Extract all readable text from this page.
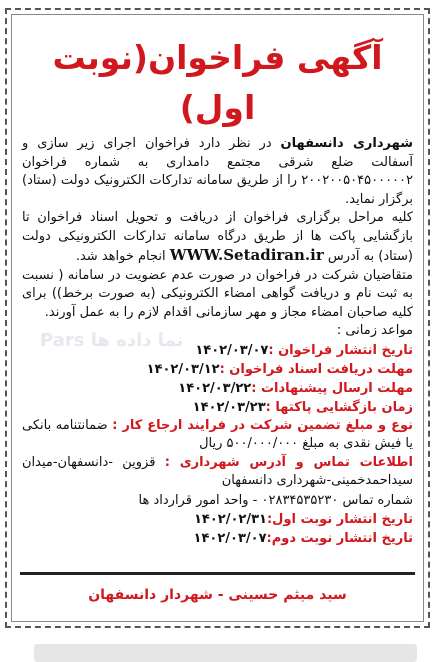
آگهی فراخوان(نوبت اول)

شهرداری دانسفهان در نظر دارد فراخوان اجرای زیر سازی و آسفالت ضلع شرقی مجتمع دامداری به شماره فراخوان ۲۰۰۲۰۰۵۰۴۵۰۰۰۰۰۲ را از طریق سامانه تدارکات الکترونیک دولت (ستاد) برگزار نماید.

کلیه مراحل برگزاری فراخوان از دریافت و تحویل اسناد فراخوان تا بازگشایی پاکت ها از طریق درگاه سامانه تدارکات الکترونیکی دولت (ستاد) به آدرس WWW.Setadiran.ir انجام خواهد شد.

متقاضیان شرکت در فراخوان در صورت عدم عضویت در سامانه ( نسبت به ثبت نام و دریافت گواهی امضاء الکترونیکی (به صورت برخط)) برای کلیه صاحبان امضاء مجاز و مهر سازمانی اقدام لازم را به عمل آورند.

مواعد زمانی :

تاریخ انتشار فراخوان :۱۴۰۲/۰۳/۰۷
مهلت دریافت اسناد فراخوان :۱۴۰۲/۰۳/۱۲
مهلت ارسال پیشنهادات :۱۴۰۲/۰۳/۲۲
زمان بازگشایی پاکتها :۱۴۰۲/۰۳/۲۳
نوع و مبلغ تضمین شرکت در فرایند ارجاع کار : ضمانتنامه بانکی یا فیش نقدی به مبلغ ۵۰۰/۰۰۰/۰۰۰ ریال
اطلاعات تماس و آدرس شهرداری : قزوین -دانسفهان-میدان سیداحمدخمینی-شهرداری دانسفهان
شماره تماس ۰۲۸۳۴۵۳۵۲۳۰ - واحد امور قرارداد ها
تاریخ انتشار نوبت اول:۱۴۰۲/۰۲/۳۱
تاریخ انتشار نوبت دوم:۱۴۰۲/۰۳/۰۷
سید میثم حسینی - شهردار دانسفهان
Pars نما داده ها
